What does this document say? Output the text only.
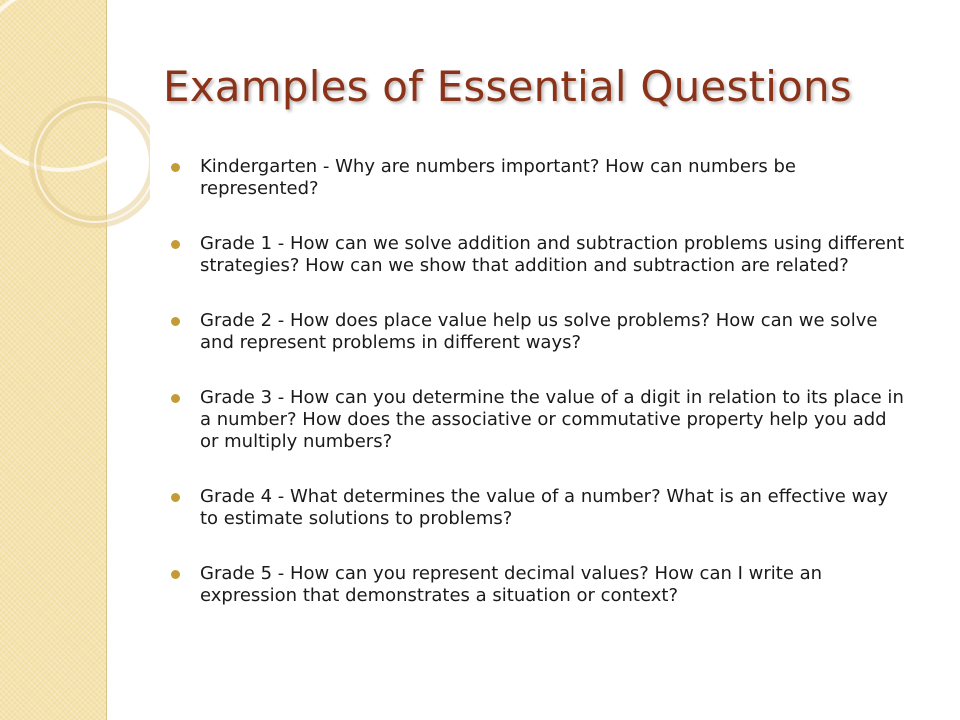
Examples of Essential Questions
Kindergarten - Why are numbers important? How can numbers be represented?
Grade 1 - How can we solve addition and subtraction problems using different strategies? How can we show that addition and subtraction are related?
Grade 2 - How does place value help us solve problems? How can we solve and represent problems in different ways?
Grade 3 - How can you determine the value of a digit in relation to its place in a number? How does the associative or commutative property help you add or multiply numbers?
Grade 4 - What determines the value of a number? What is an effective way to estimate solutions to problems?
Grade 5 - How can you represent decimal values? How can I write an expression that demonstrates a situation or context?
